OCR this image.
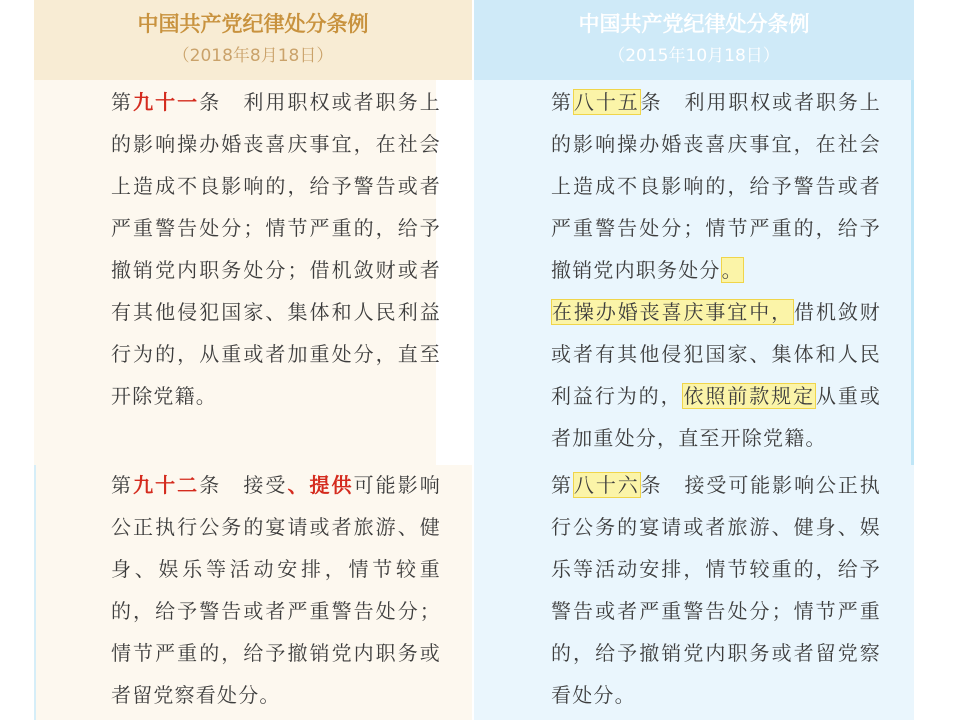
中国共产党纪律处分条例
（2018年8月18日）
中国共产党纪律处分条例
（2015年10月18日）
第九十一条　利用职权或者职务上的影响操办婚丧喜庆事宜，在社会上造成不良影响的，给予警告或者严重警告处分；情节严重的，给予撤销党内职务处分；借机敛财或者有其他侵犯国家、集体和人民利益行为的，从重或者加重处分，直至开除党籍。
第九十二条　接受、提供可能影响公正执行公务的宴请或者旅游、健身、娱乐等活动安排，情节较重的，给予警告或者严重警告处分；情节严重的，给予撤销党内职务或者留党察看处分。
第八十五条　利用职权或者职务上的影响操办婚丧喜庆事宜，在社会上造成不良影响的，给予警告或者严重警告处分；情节严重的，给予撤销党内职务处分。
在操办婚丧喜庆事宜中，借机敛财或者有其他侵犯国家、集体和人民利益行为的，依照前款规定从重或者加重处分，直至开除党籍。
第八十六条　接受可能影响公正执行公务的宴请或者旅游、健身、娱乐等活动安排，情节较重的，给予警告或者严重警告处分；情节严重的，给予撤销党内职务或者留党察看处分。
